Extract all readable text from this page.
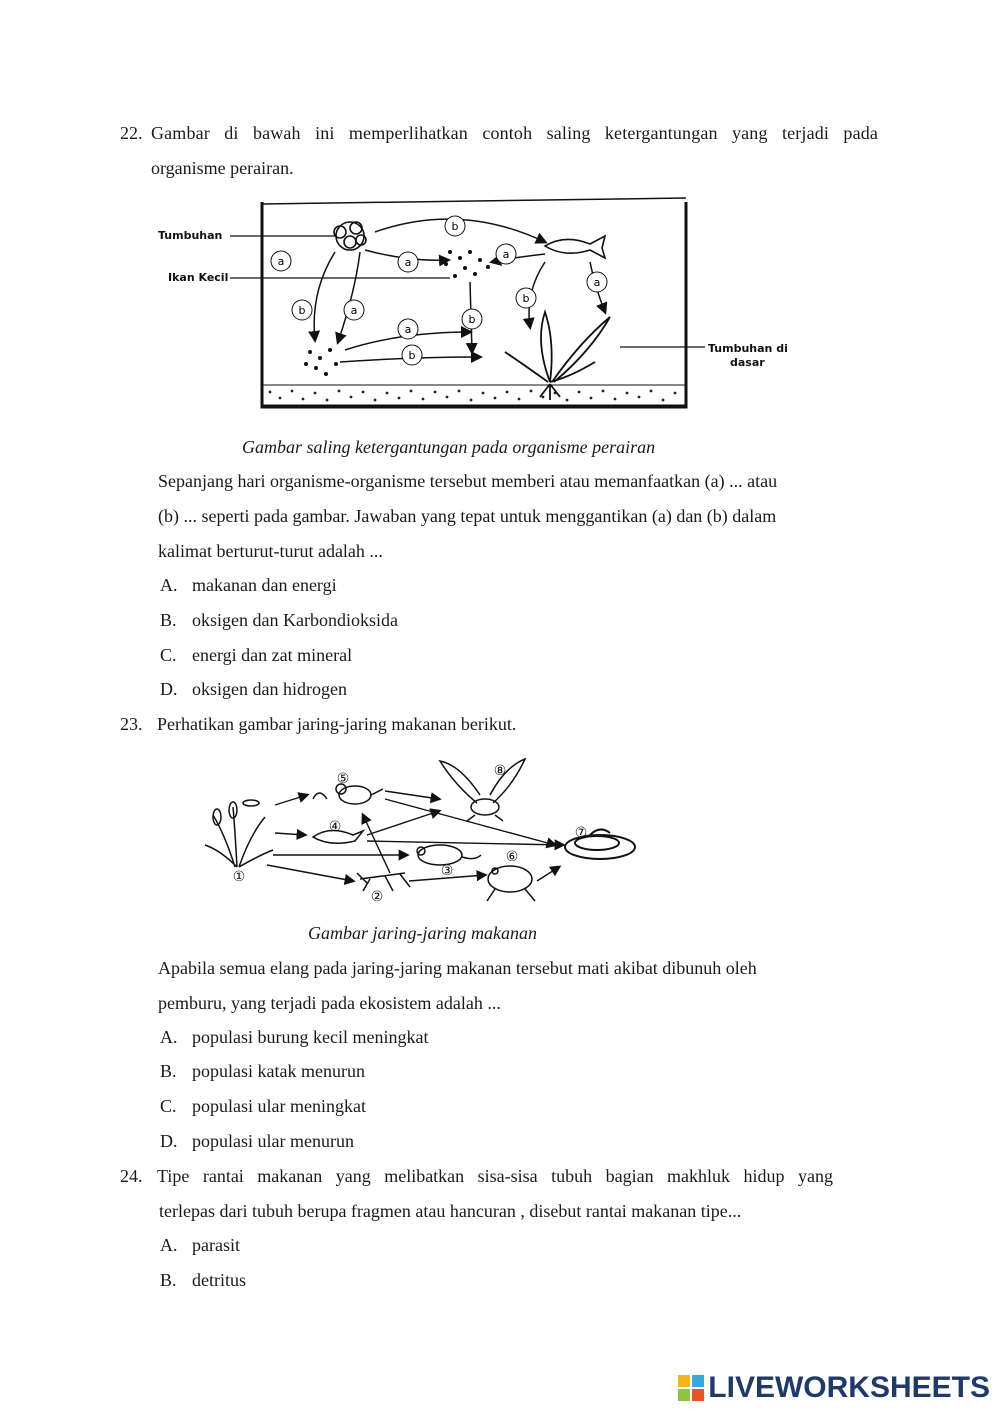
22. Gambar di bawah ini memperlihatkan contoh saling ketergantungan yang terjadi pada
organisme perairan.
b
a	a
a
b	a
b
b
a
a
b
Tumbuhan
Ikan Kecil
Tumbuhan di
dasar
Gambar saling ketergantungan pada organisme perairan
Sepanjang hari organisme-organisme tersebut memberi atau memanfaatkan (a) ... atau
(b) ... seperti pada gambar. Jawaban yang tepat untuk menggantikan (a) dan (b) dalam
kalimat berturut-turut adalah ...
A. makanan dan energi
B. oksigen dan Karbondioksida
C. energi dan zat mineral
D. oksigen dan hidrogen
23. Perhatikan gambar jaring-jaring makanan berikut.
①
②
③
④
⑤
⑥
⑦
⑧
Gambar jaring-jaring makanan
Apabila semua elang pada jaring-jaring makanan tersebut mati akibat dibunuh oleh
pemburu, yang terjadi pada ekosistem adalah ...
A. populasi burung kecil meningkat
B. populasi katak menurun
C. populasi ular meningkat
D. populasi ular menurun
24. Tipe rantai makanan yang melibatkan sisa-sisa tubuh bagian makhluk hidup yang
terlepas dari tubuh berupa fragmen atau hancuran , disebut rantai makanan tipe...
A. parasit
B. detritus
LIVEWORKSHEETS
